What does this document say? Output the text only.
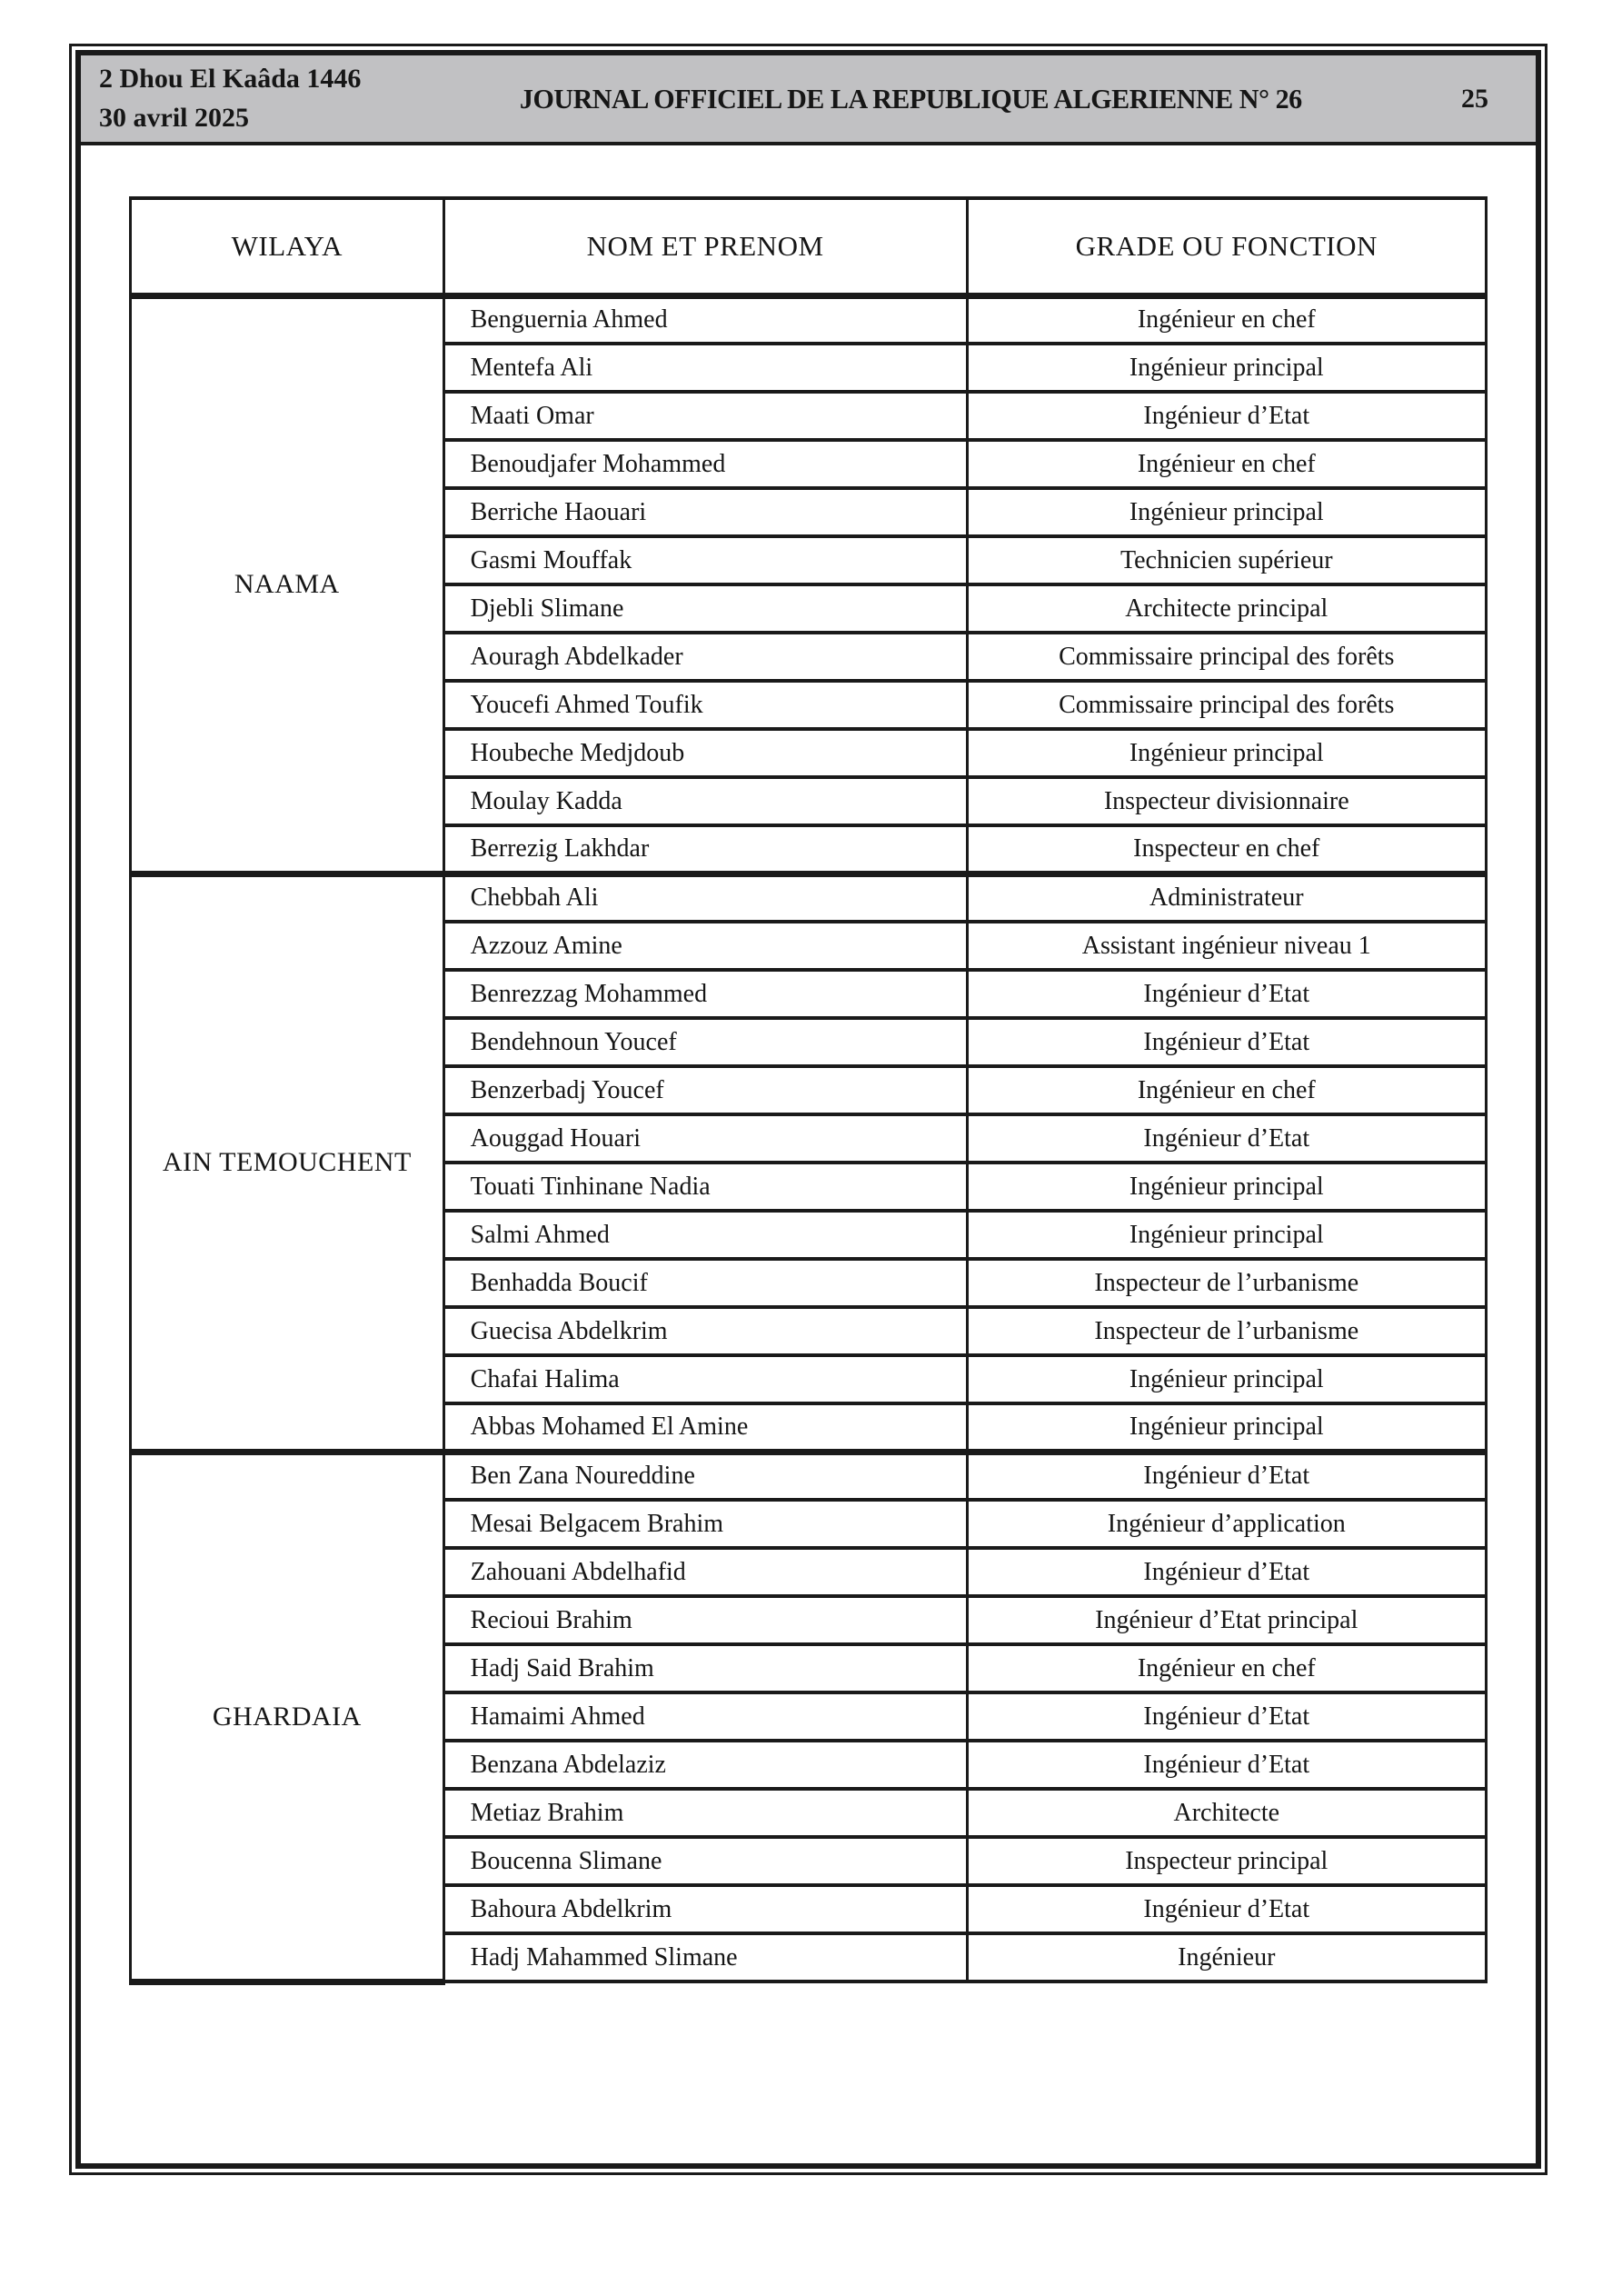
2 Dhou El Kaâda 1446
30 avril 2025
JOURNAL OFFICIEL DE LA REPUBLIQUE ALGERIENNE N° 26	25
WILAYA	NOM ET PRENOM	GRADE OU FONCTION
NAAMA	Benguernia Ahmed	Ingénieur en chef
	Mentefa Ali	Ingénieur principal
	Maati Omar	Ingénieur d’Etat
	Benoudjafer Mohammed	Ingénieur en chef
	Berriche Haouari	Ingénieur principal
	Gasmi Mouffak	Technicien supérieur
	Djebli Slimane	Architecte principal
	Aouragh Abdelkader	Commissaire principal des forêts
	Youcefi Ahmed Toufik	Commissaire principal des forêts
	Houbeche Medjdoub	Ingénieur principal
	Moulay Kadda	Inspecteur divisionnaire
	Berrezig Lakhdar	Inspecteur en chef
AIN TEMOUCHENT	Chebbah Ali	Administrateur
	Azzouz Amine	Assistant ingénieur niveau 1
	Benrezzag Mohammed	Ingénieur d’Etat
	Bendehnoun Youcef	Ingénieur d’Etat
	Benzerbadj Youcef	Ingénieur en chef
	Aouggad Houari	Ingénieur d’Etat
	Touati Tinhinane Nadia	Ingénieur principal
	Salmi Ahmed	Ingénieur principal
	Benhadda Boucif	Inspecteur de l’urbanisme
	Guecisa Abdelkrim	Inspecteur de l’urbanisme
	Chafai Halima	Ingénieur principal
	Abbas Mohamed El Amine	Ingénieur principal
GHARDAIA	Ben Zana Noureddine	Ingénieur d’Etat
	Mesai Belgacem Brahim	Ingénieur d’application
	Zahouani Abdelhafid	Ingénieur d’Etat
	Recioui Brahim	Ingénieur d’Etat principal
	Hadj Said Brahim	Ingénieur en chef
	Hamaimi Ahmed	Ingénieur d’Etat
	Benzana Abdelaziz	Ingénieur d’Etat
	Metiaz Brahim	Architecte
	Boucenna Slimane	Inspecteur principal
	Bahoura Abdelkrim	Ingénieur d’Etat
	Hadj Mahammed Slimane	Ingénieur
